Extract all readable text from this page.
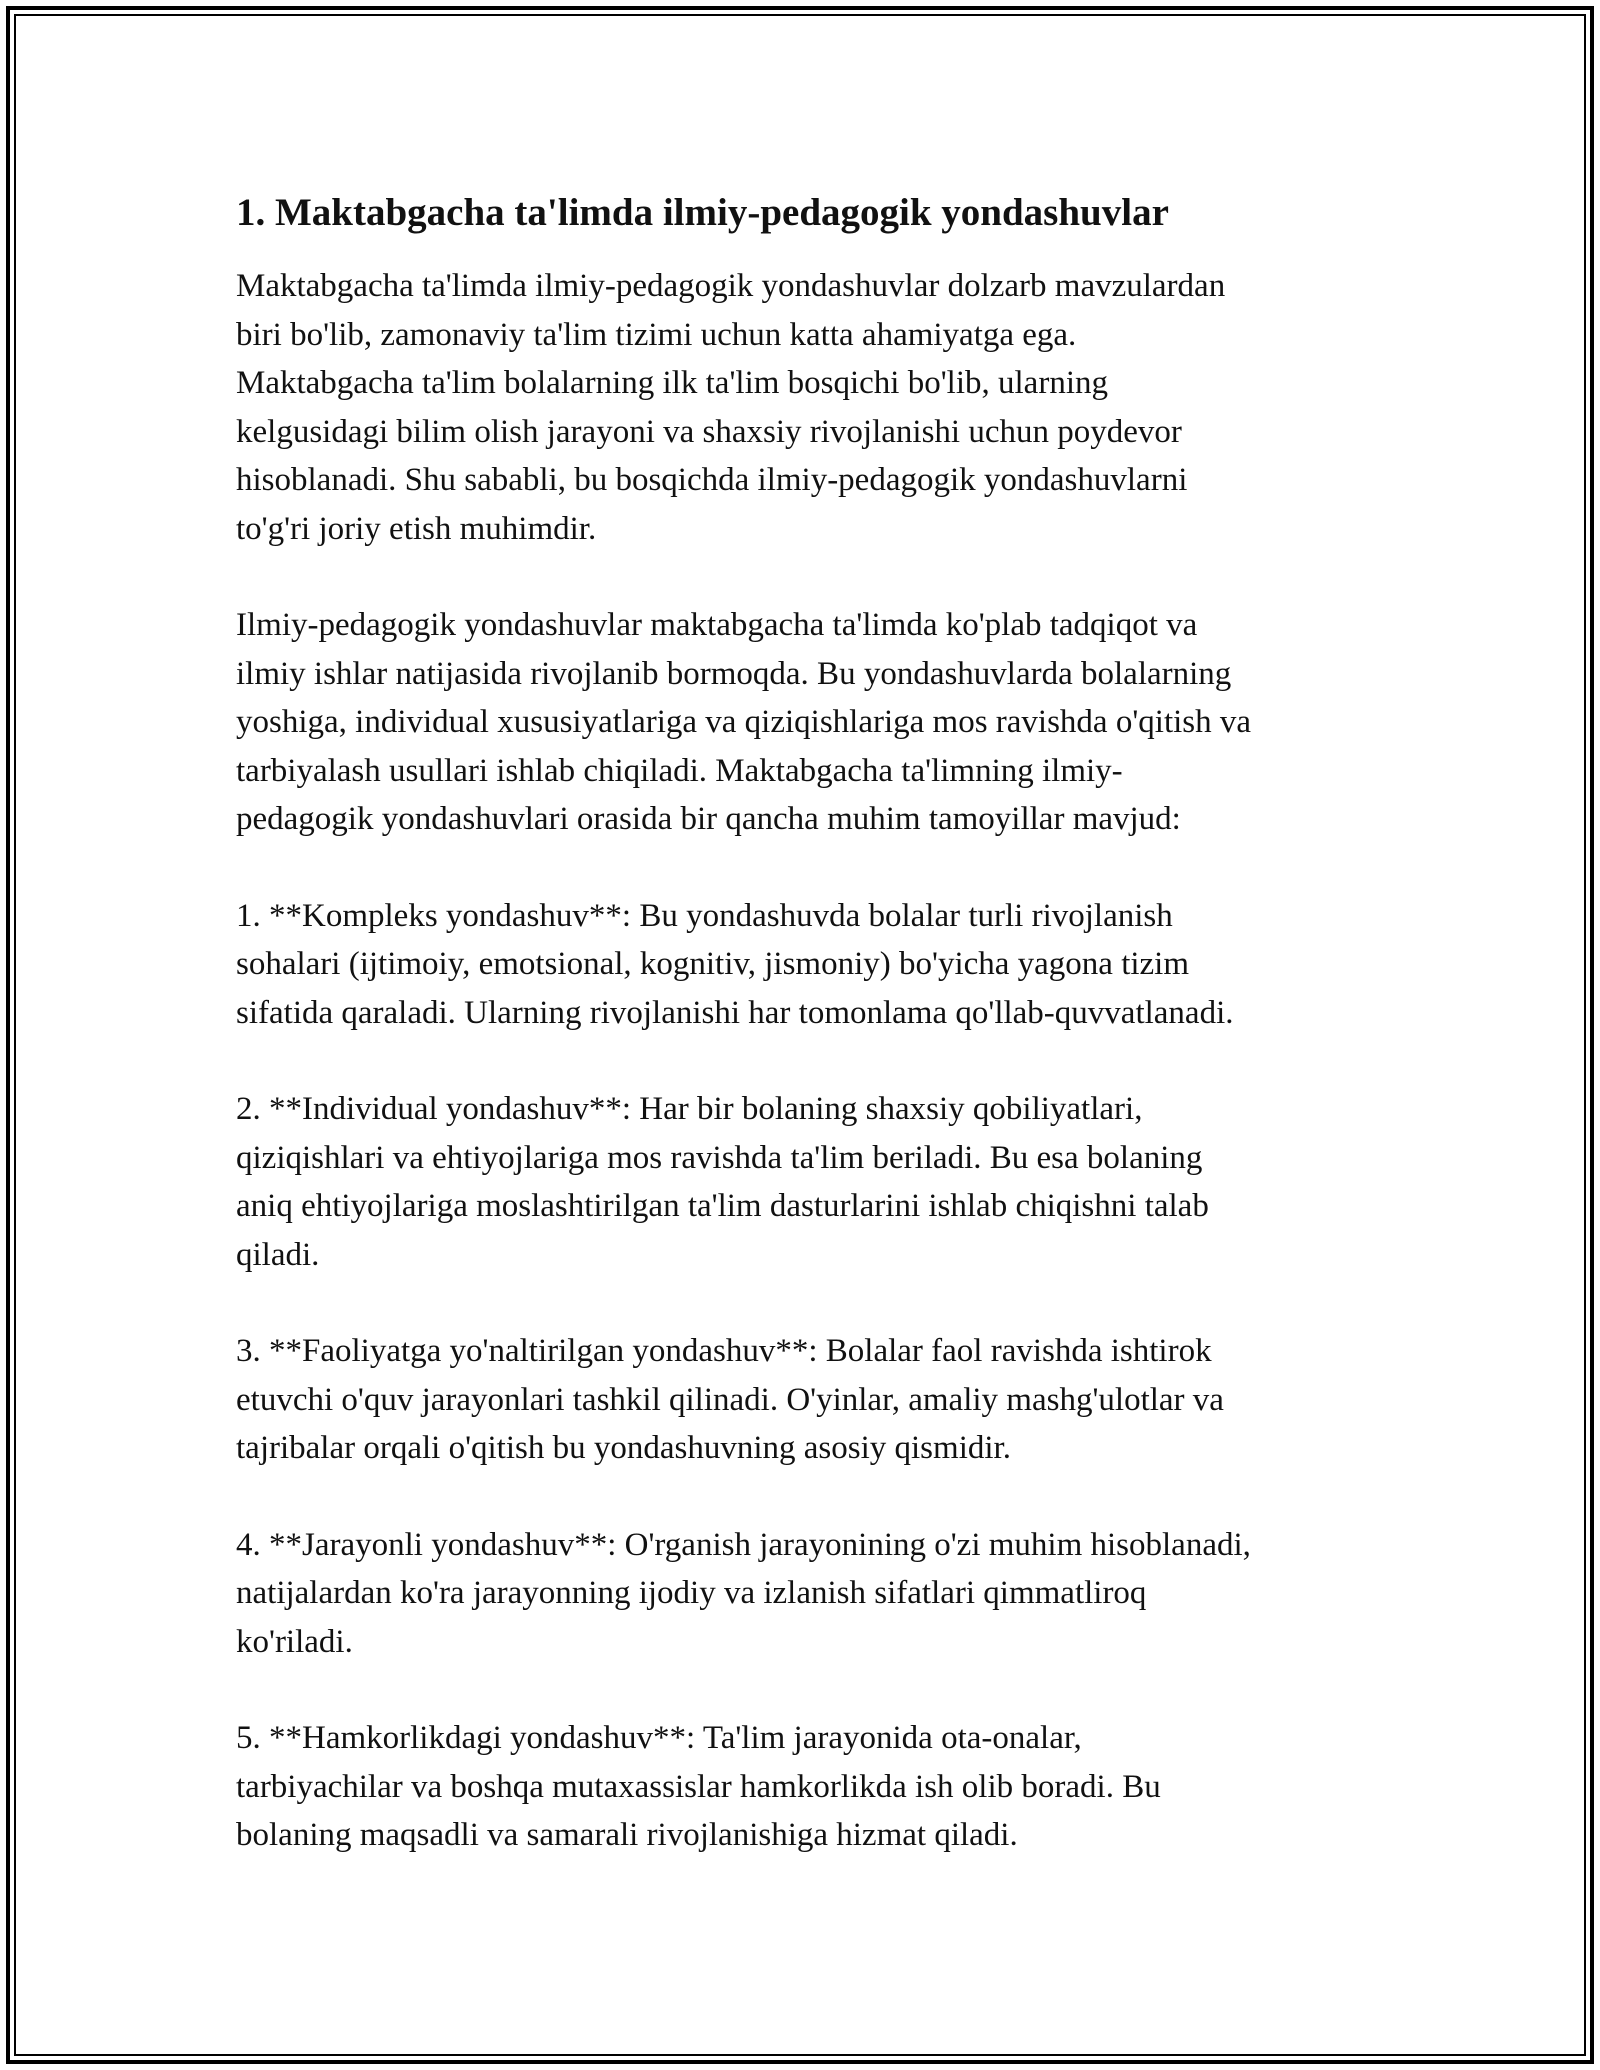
1. Maktabgacha ta'limda ilmiy-pedagogik yondashuvlar

Maktabgacha ta'limda ilmiy-pedagogik yondashuvlar dolzarb mavzulardan
biri bo'lib, zamonaviy ta'lim tizimi uchun katta ahamiyatga ega.
Maktabgacha ta'lim bolalarning ilk ta'lim bosqichi bo'lib, ularning
kelgusidagi bilim olish jarayoni va shaxsiy rivojlanishi uchun poydevor
hisoblanadi. Shu sababli, bu bosqichda ilmiy-pedagogik yondashuvlarni
to'g'ri joriy etish muhimdir.

Ilmiy-pedagogik yondashuvlar maktabgacha ta'limda ko'plab tadqiqot va
ilmiy ishlar natijasida rivojlanib bormoqda. Bu yondashuvlarda bolalarning
yoshiga, individual xususiyatlariga va qiziqishlariga mos ravishda o'qitish va
tarbiyalash usullari ishlab chiqiladi. Maktabgacha ta'limning ilmiy-
pedagogik yondashuvlari orasida bir qancha muhim tamoyillar mavjud:

1. **Kompleks yondashuv**: Bu yondashuvda bolalar turli rivojlanish
sohalari (ijtimoiy, emotsional, kognitiv, jismoniy) bo'yicha yagona tizim
sifatida qaraladi. Ularning rivojlanishi har tomonlama qo'llab-quvvatlanadi.

2. **Individual yondashuv**: Har bir bolaning shaxsiy qobiliyatlari,
qiziqishlari va ehtiyojlariga mos ravishda ta'lim beriladi. Bu esa bolaning
aniq ehtiyojlariga moslashtirilgan ta'lim dasturlarini ishlab chiqishni talab
qiladi.

3. **Faoliyatga yo'naltirilgan yondashuv**: Bolalar faol ravishda ishtirok
etuvchi o'quv jarayonlari tashkil qilinadi. O'yinlar, amaliy mashg'ulotlar va
tajribalar orqali o'qitish bu yondashuvning asosiy qismidir.

4. **Jarayonli yondashuv**: O'rganish jarayonining o'zi muhim hisoblanadi,
natijalardan ko'ra jarayonning ijodiy va izlanish sifatlari qimmatliroq
ko'riladi.

5. **Hamkorlikdagi yondashuv**: Ta'lim jarayonida ota-onalar,
tarbiyachilar va boshqa mutaxassislar hamkorlikda ish olib boradi. Bu
bolaning maqsadli va samarali rivojlanishiga hizmat qiladi.
